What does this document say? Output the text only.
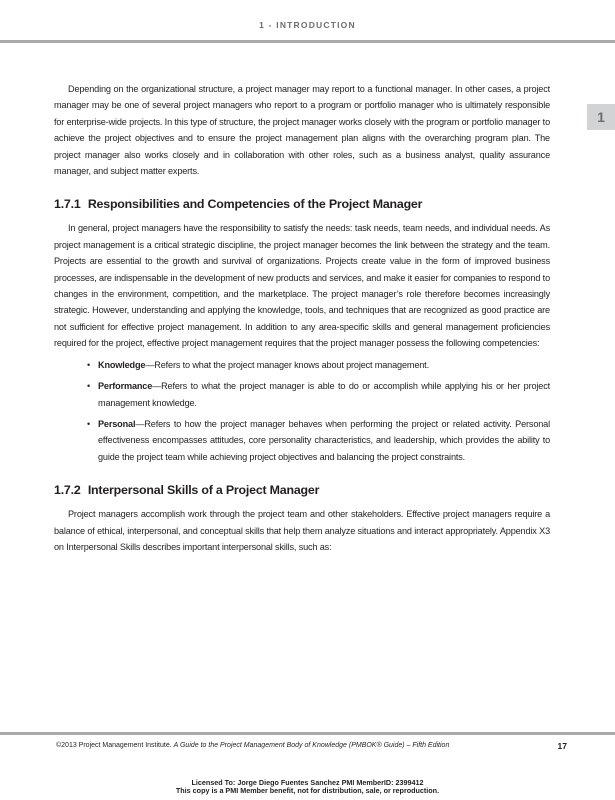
1 - INTRODUCTION
1

Depending on the organizational structure, a project manager may report to a functional manager. In other cases, a project manager may be one of several project managers who report to a program or portfolio manager who is ultimately responsible for enterprise-wide projects. In this type of structure, the project manager works closely with the program or portfolio manager to achieve the project objectives and to ensure the project management plan aligns with the overarching program plan. The project manager also works closely and in collaboration with other roles, such as a business analyst, quality assurance manager, and subject matter experts.

1.7.1 Responsibilities and Competencies of the Project Manager

In general, project managers have the responsibility to satisfy the needs: task needs, team needs, and individual needs. As project management is a critical strategic discipline, the project manager becomes the link between the strategy and the team. Projects are essential to the growth and survival of organizations. Projects create value in the form of improved business processes, are indispensable in the development of new products and services, and make it easier for companies to respond to changes in the environment, competition, and the marketplace. The project manager’s role therefore becomes increasingly strategic. However, understanding and applying the knowledge, tools, and techniques that are recognized as good practice are not sufficient for effective project management. In addition to any area-specific skills and general management proficiencies required for the project, effective project management requires that the project manager possess the following competencies:

• Knowledge—Refers to what the project manager knows about project management.
• Performance—Refers to what the project manager is able to do or accomplish while applying his or her project management knowledge.
• Personal—Refers to how the project manager behaves when performing the project or related activity. Personal effectiveness encompasses attitudes, core personality characteristics, and leadership, which provides the ability to guide the project team while achieving project objectives and balancing the project constraints.
1.7.2 Interpersonal Skills of a Project Manager

Project managers accomplish work through the project team and other stakeholders. Effective project managers require a balance of ethical, interpersonal, and conceptual skills that help them analyze situations and interact appropriately. Appendix X3 on Interpersonal Skills describes important interpersonal skills, such as:

©2013 Project Management Institute. A Guide to the Project Management Body of Knowledge (PMBOK® Guide) – Fifth Edition	17
Licensed To: Jorge Diego Fuentes Sanchez PMI MemberID: 2399412
This copy is a PMI Member benefit, not for distribution, sale, or reproduction.
